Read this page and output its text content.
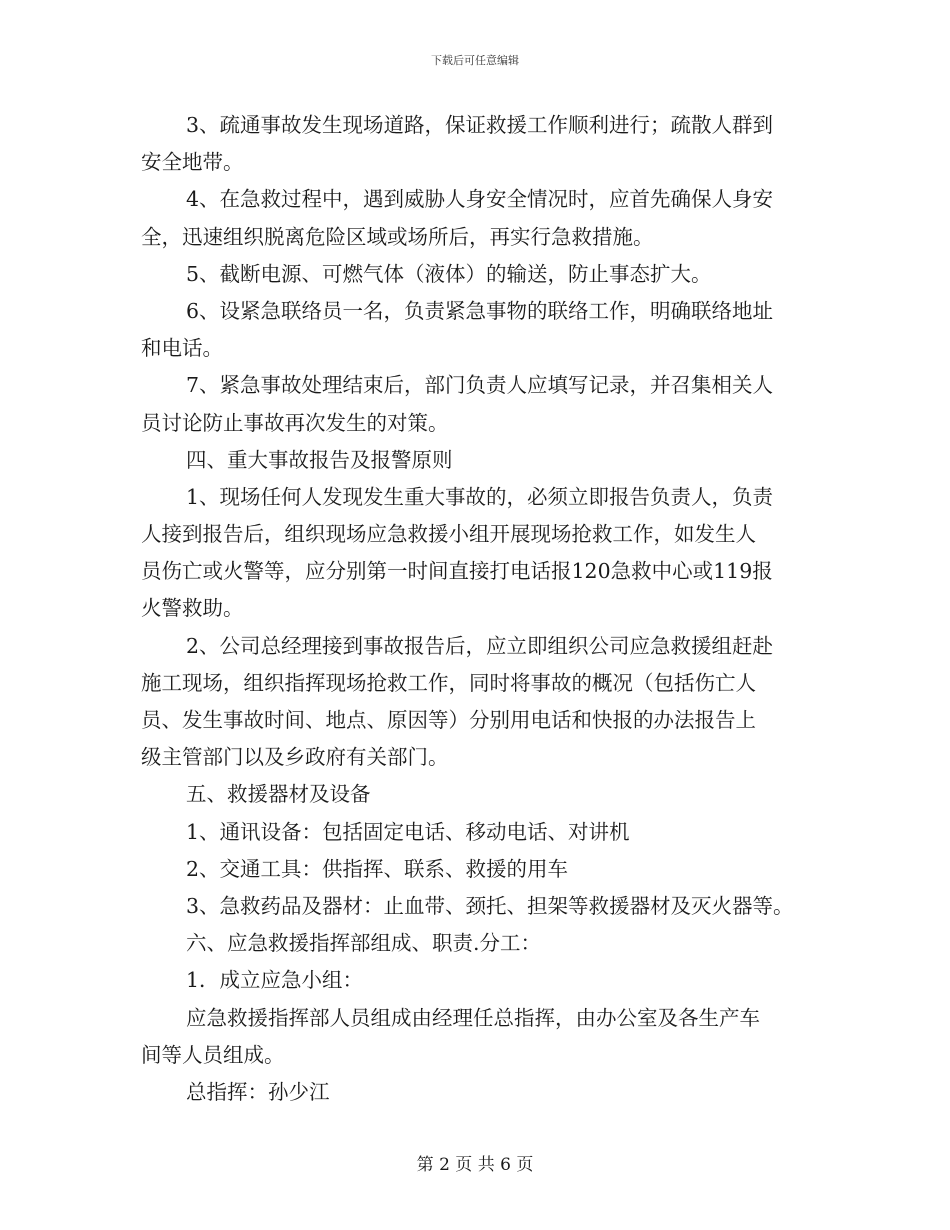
下载后可任意编辑
3、疏通事故发生现场道路，保证救援工作顺利进行；疏散人群到
安全地带。
4、在急救过程中，遇到威胁人身安全情况时，应首先确保人身安
全，迅速组织脱离危险区域或场所后，再实行急救措施。
5、截断电源、可燃气体（液体）的输送，防止事态扩大。
6、设紧急联络员一名，负责紧急事物的联络工作，明确联络地址
和电话。
7、紧急事故处理结束后，部门负责人应填写记录，并召集相关人
员讨论防止事故再次发生的对策。
四、重大事故报告及报警原则
1、现场任何人发现发生重大事故的，必须立即报告负责人，负责
人接到报告后，组织现场应急救援小组开展现场抢救工作，如发生人
员伤亡或火警等，应分别第一时间直接打电话报120急救中心或119报
火警救助。
2、公司总经理接到事故报告后，应立即组织公司应急救援组赶赴
施工现场，组织指挥现场抢救工作，同时将事故的概况（包括伤亡人
员、发生事故时间、地点、原因等）分别用电话和快报的办法报告上
级主管部门以及乡政府有关部门。
五、救援器材及设备
1、通讯设备：包括固定电话、移动电话、对讲机
2、交通工具：供指挥、联系、救援的用车
3、急救药品及器材：止血带、颈托、担架等救援器材及灭火器等。
六、应急救援指挥部组成、职责.分工：
1．成立应急小组：
应急救援指挥部人员组成由经理任总指挥，由办公室及各生产车
间等人员组成。
总指挥：孙少江
第 2 页 共 6 页
